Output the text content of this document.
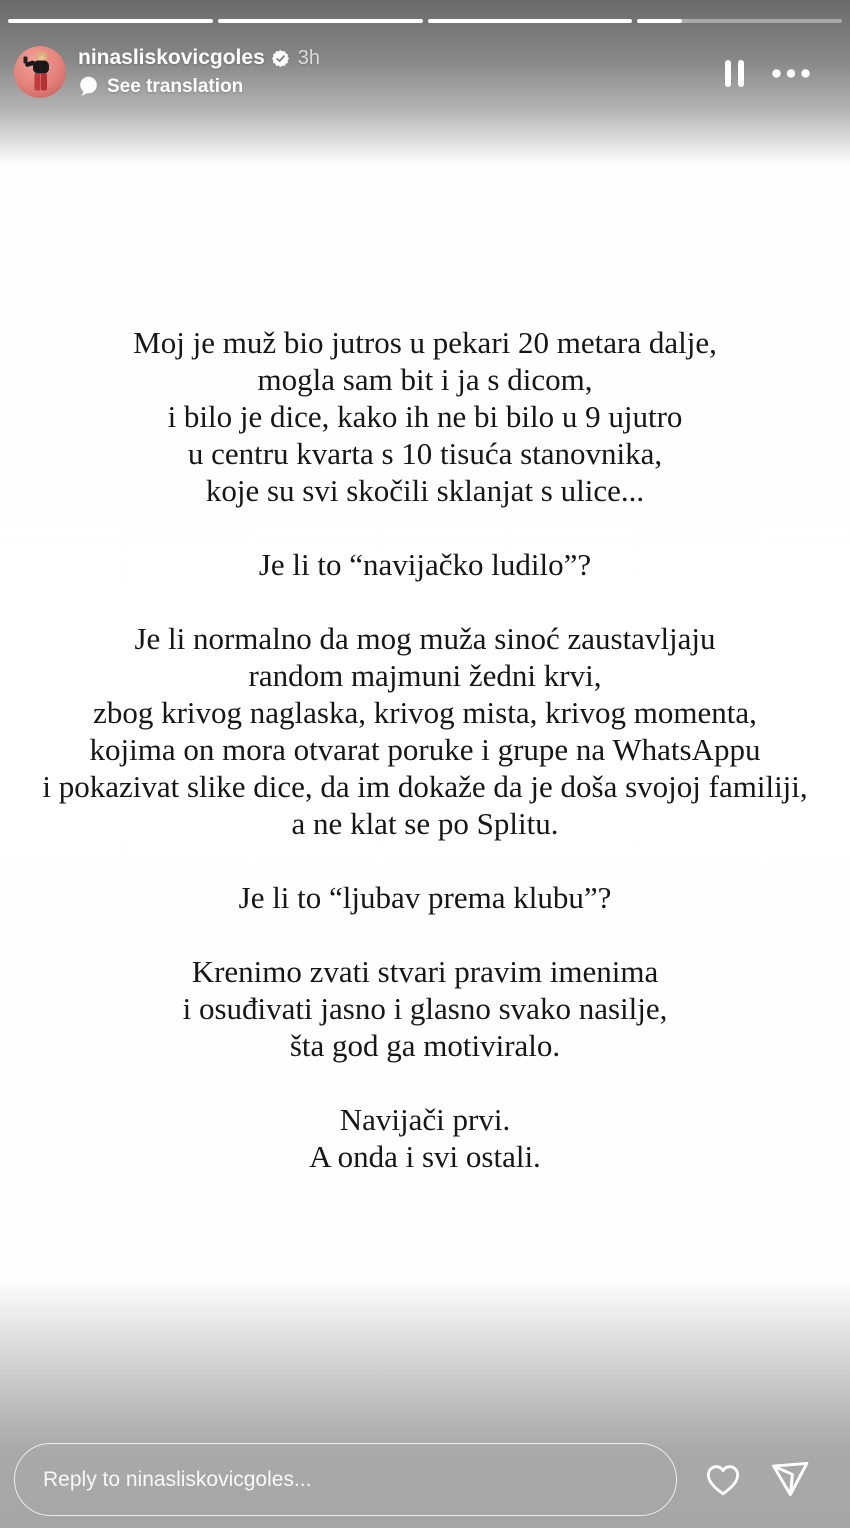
ninasliskovicgoles 3h
See translation
Moj je muž bio jutros u pekari 20 metara dalje,
mogla sam bit i ja s dicom,
i bilo je dice, kako ih ne bi bilo u 9 ujutro
u centru kvarta s 10 tisuća stanovnika,
koje su svi skočili sklanjat s ulice...
Je li to “navijačko ludilo”?
Je li normalno da mog muža sinoć zaustavljaju
random majmuni žedni krvi,
zbog krivog naglaska, krivog mista, krivog momenta,
kojima on mora otvarat poruke i grupe na WhatsAppu
i pokazivat slike dice, da im dokaže da je doša svojoj familiji,
a ne klat se po Splitu.
Je li to “ljubav prema klubu”?
Krenimo zvati stvari pravim imenima
i osuđivati jasno i glasno svako nasilje,
šta god ga motiviralo.
Navijači prvi.
A onda i svi ostali.
Reply to ninasliskovicgoles...
